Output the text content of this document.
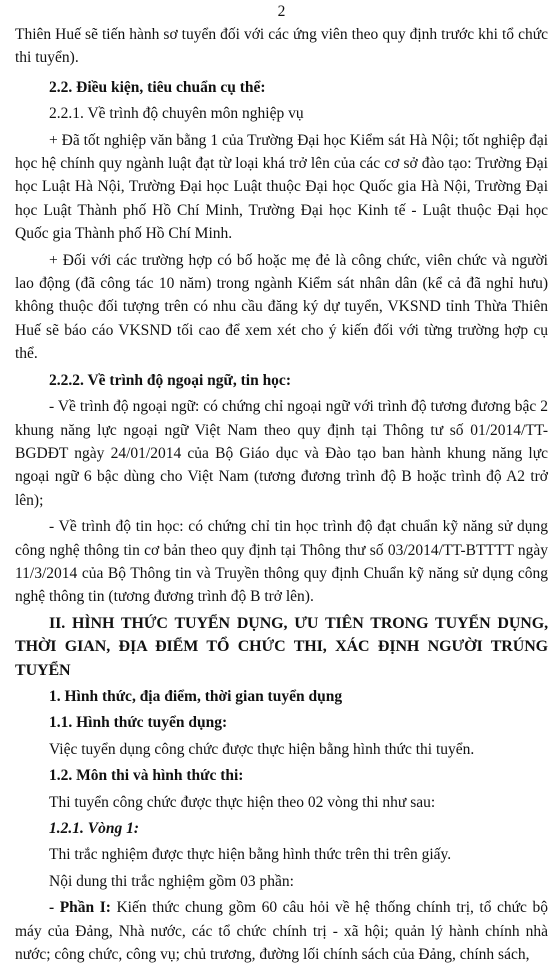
2

Thiên Huế sẽ tiến hành sơ tuyển đối với các ứng viên theo quy định trước khi tổ chức thi tuyển).

2.2. Điều kiện, tiêu chuẩn cụ thể:

2.2.1. Về trình độ chuyên môn nghiệp vụ

+ Đã tốt nghiệp văn bằng 1 của Trường Đại học Kiểm sát Hà Nội; tốt nghiệp đại học hệ chính quy ngành luật đạt từ loại khá trở lên của các cơ sở đào tạo: Trường Đại học Luật Hà Nội, Trường Đại học Luật thuộc Đại học Quốc gia Hà Nội, Trường Đại học Luật Thành phố Hồ Chí Minh, Trường Đại học Kinh tế - Luật thuộc Đại học Quốc gia Thành phố Hồ Chí Minh.

+ Đối với các trường hợp có bố hoặc mẹ đẻ là công chức, viên chức và người lao động (đã công tác 10 năm) trong ngành Kiểm sát nhân dân (kể cả đã nghỉ hưu) không thuộc đối tượng trên có nhu cầu đăng ký dự tuyển, VKSND tỉnh Thừa Thiên Huế sẽ báo cáo VKSND tối cao để xem xét cho ý kiến đối với từng trường hợp cụ thể.

2.2.2. Về trình độ ngoại ngữ, tin học:

- Về trình độ ngoại ngữ: có chứng chỉ ngoại ngữ với trình độ tương đương bậc 2 khung năng lực ngoại ngữ Việt Nam theo quy định tại Thông tư số 01/2014/TT-BGDĐT ngày 24/01/2014 của Bộ Giáo dục và Đào tạo ban hành khung năng lực ngoại ngữ 6 bậc dùng cho Việt Nam (tương đương trình độ B hoặc trình độ A2 trở lên);

- Về trình độ tin học: có chứng chỉ tin học trình độ đạt chuẩn kỹ năng sử dụng công nghệ thông tin cơ bản theo quy định tại Thông thư số 03/2014/TT-BTTTT ngày 11/3/2014 của Bộ Thông tin và Truyền thông quy định Chuẩn kỹ năng sử dụng công nghệ thông tin (tương đương trình độ B trở lên).

II. HÌNH THỨC TUYỂN DỤNG, ƯU TIÊN TRONG TUYỂN DỤNG, THỜI GIAN, ĐỊA ĐIỂM TỔ CHỨC THI, XÁC ĐỊNH NGƯỜI TRÚNG TUYỂN

1. Hình thức, địa điểm, thời gian tuyển dụng

1.1. Hình thức tuyển dụng:

Việc tuyển dụng công chức được thực hiện bằng hình thức thi tuyển.

1.2. Môn thi và hình thức thi:

Thi tuyển công chức được thực hiện theo 02 vòng thi như sau:

1.2.1. Vòng 1:

Thi trắc nghiệm được thực hiện bằng hình thức trên thi trên giấy.

Nội dung thi trắc nghiệm gồm 03 phần:

- Phần I: Kiến thức chung gồm 60 câu hỏi về hệ thống chính trị, tổ chức bộ máy của Đảng, Nhà nước, các tổ chức chính trị - xã hội; quản lý hành chính nhà nước; công chức, công vụ; chủ trương, đường lối chính sách của Đảng, chính sách,
